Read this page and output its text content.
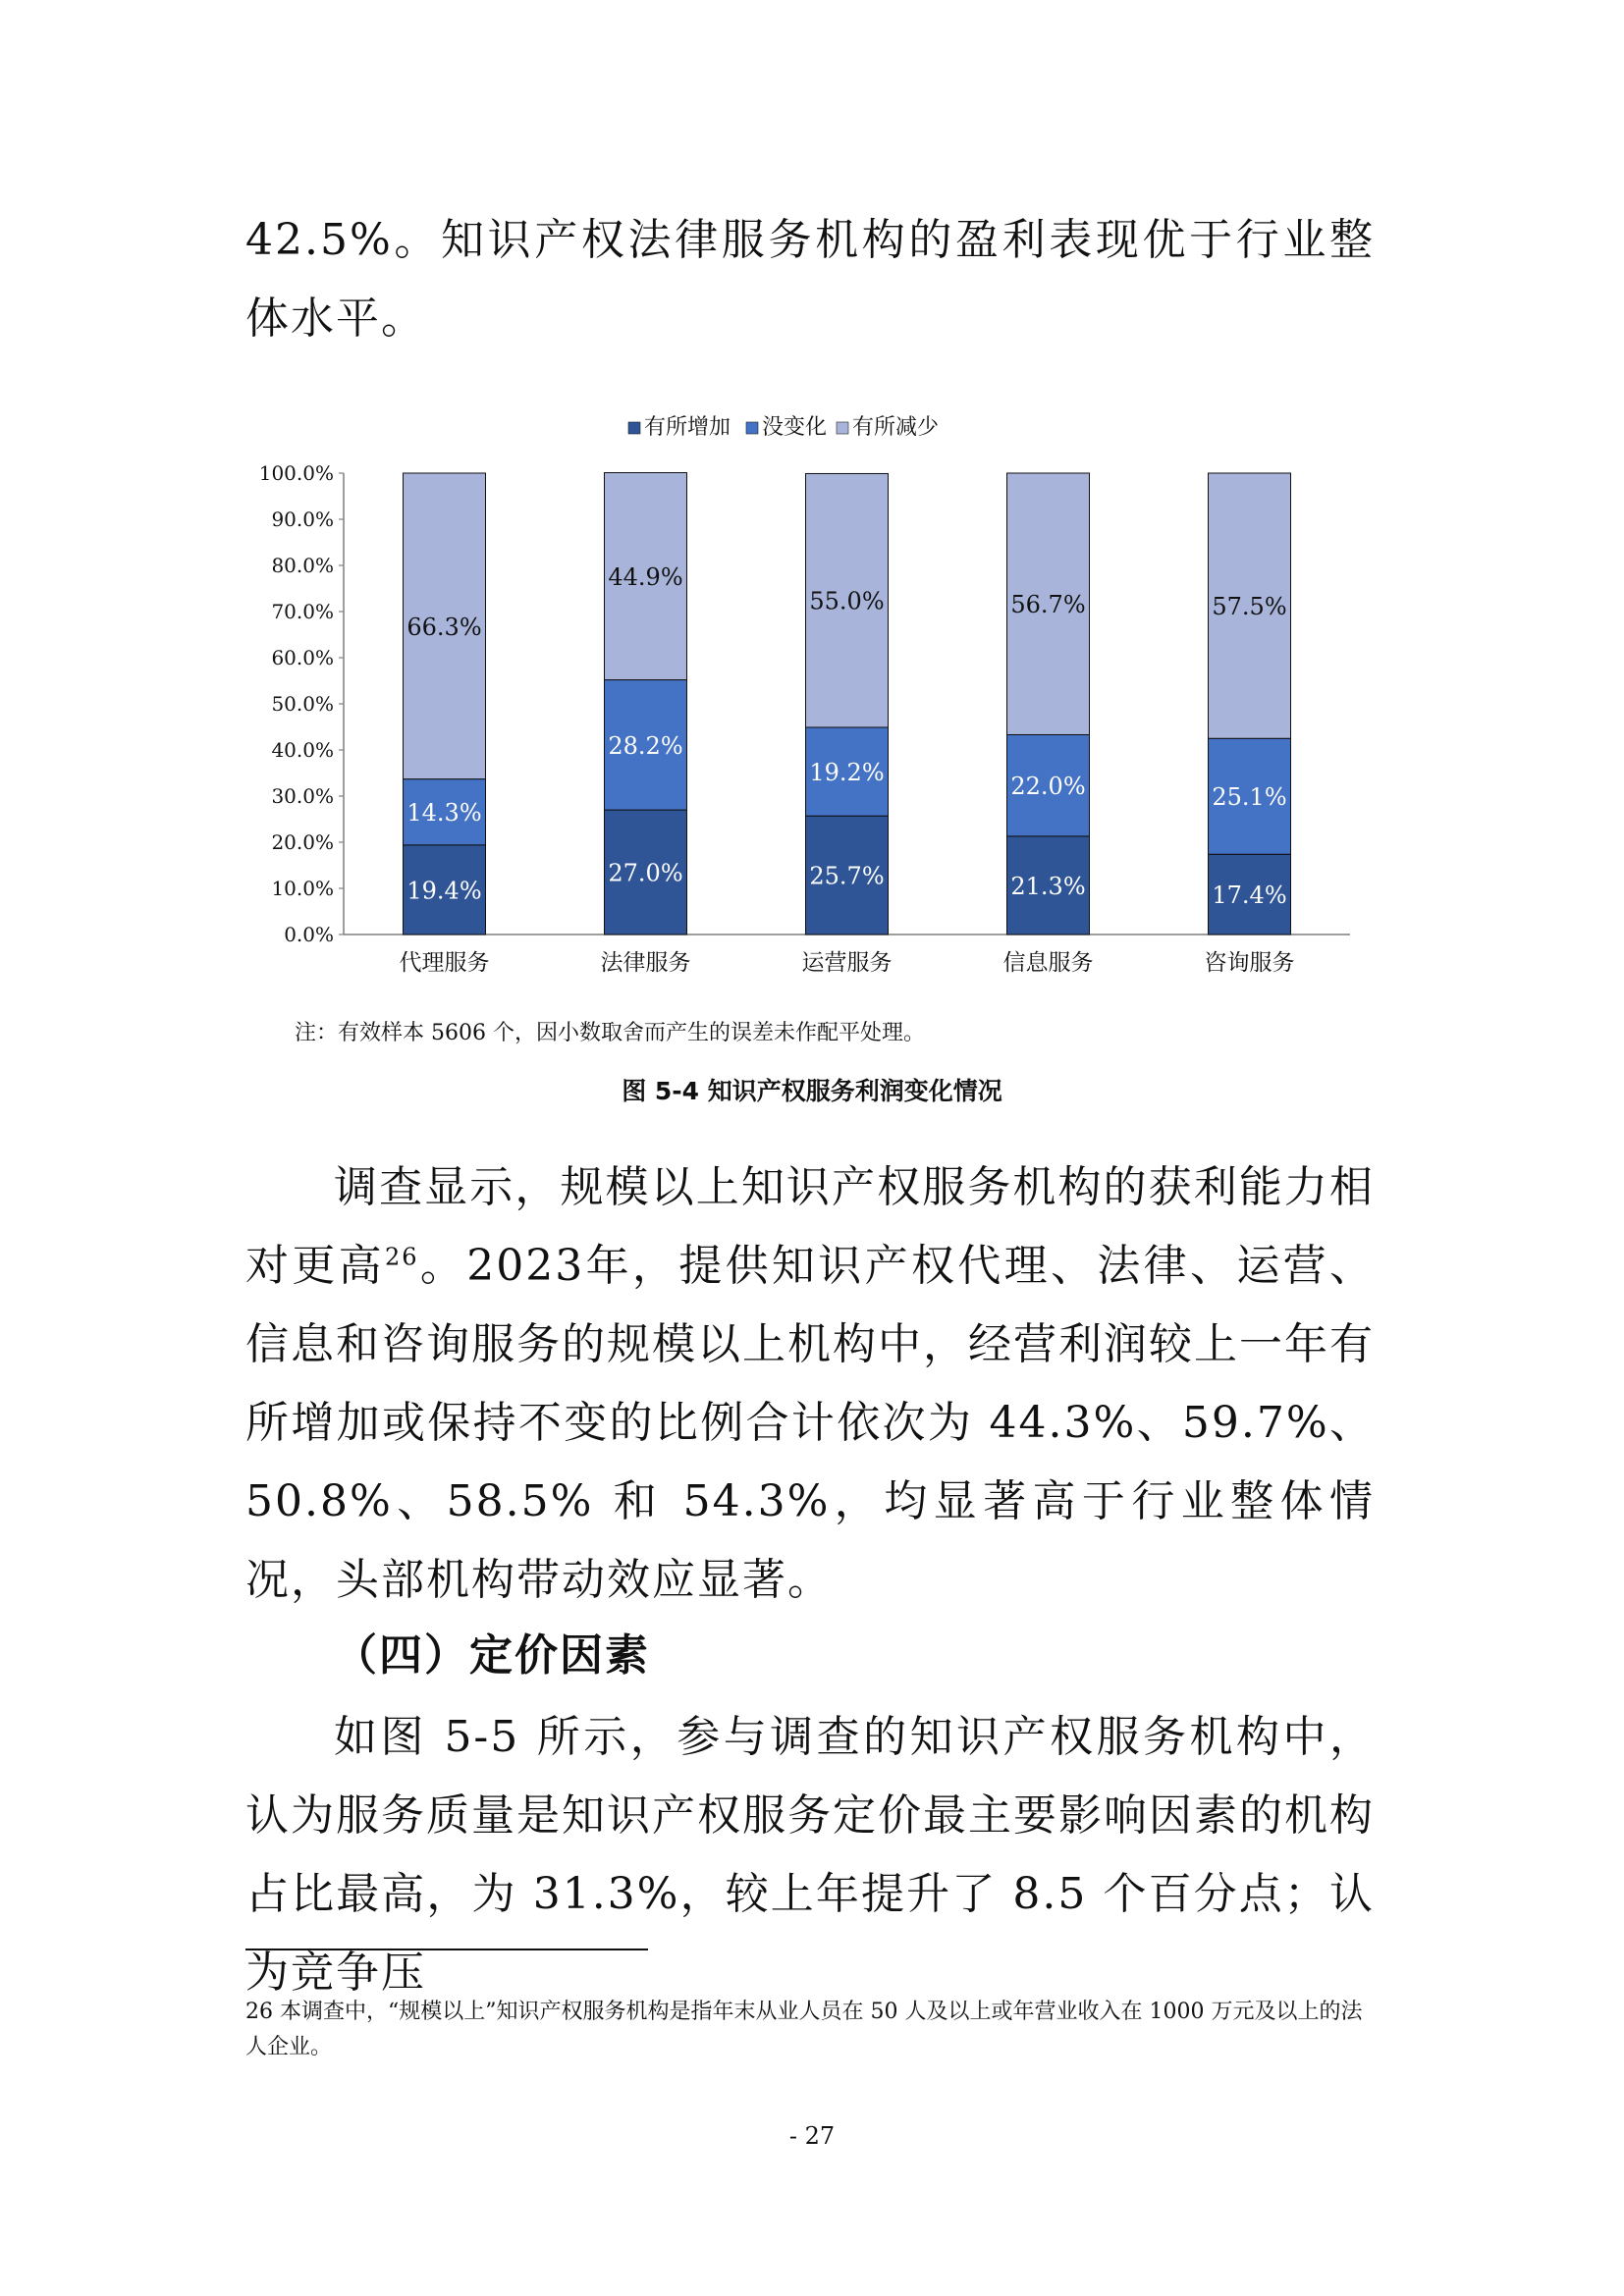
42.5%。知识产权法律服务机构的盈利表现优于行业整体水平。

有所增加 没变化 有所减少
0.0%
10.0%
20.0%
30.0%
40.0%
50.0%
60.0%
70.0%
80.0%
90.0%
100.0%
19.4%
14.3%
66.3%
代理服务
27.0%
28.2%
44.9%
法律服务
25.7%
19.2%
55.0%
运营服务
21.3%
22.0%
56.7%
信息服务
17.4%
25.1%
57.5%
咨询服务
注：有效样本 5606 个，因小数取舍而产生的误差未作配平处理。
图 5-4 知识产权服务利润变化情况

调查显示，规模以上知识产权服务机构的获利能力相对更高$^{26}$。2023年，提供知识产权代理、法律、运营、信息和咨询服务的规模以上机构中，经营利润较上一年有所增加或保持不变的比例合计依次为 44.3%、59.7%、50.8%、58.5% 和 54.3%，均显著高于行业整体情况，头部机构带动效应显著。

（四）定价因素

如图 5-5 所示，参与调查的知识产权服务机构中，认为服务质量是知识产权服务定价最主要影响因素的机构占比最高，为 31.3%，较上年提升了 8.5 个百分点；认为竞争压

26 本调查中，“规模以上”知识产权服务机构是指年末从业人员在 50 人及以上或年营业收入在 1000 万元及以上的法人企业。
- 27
